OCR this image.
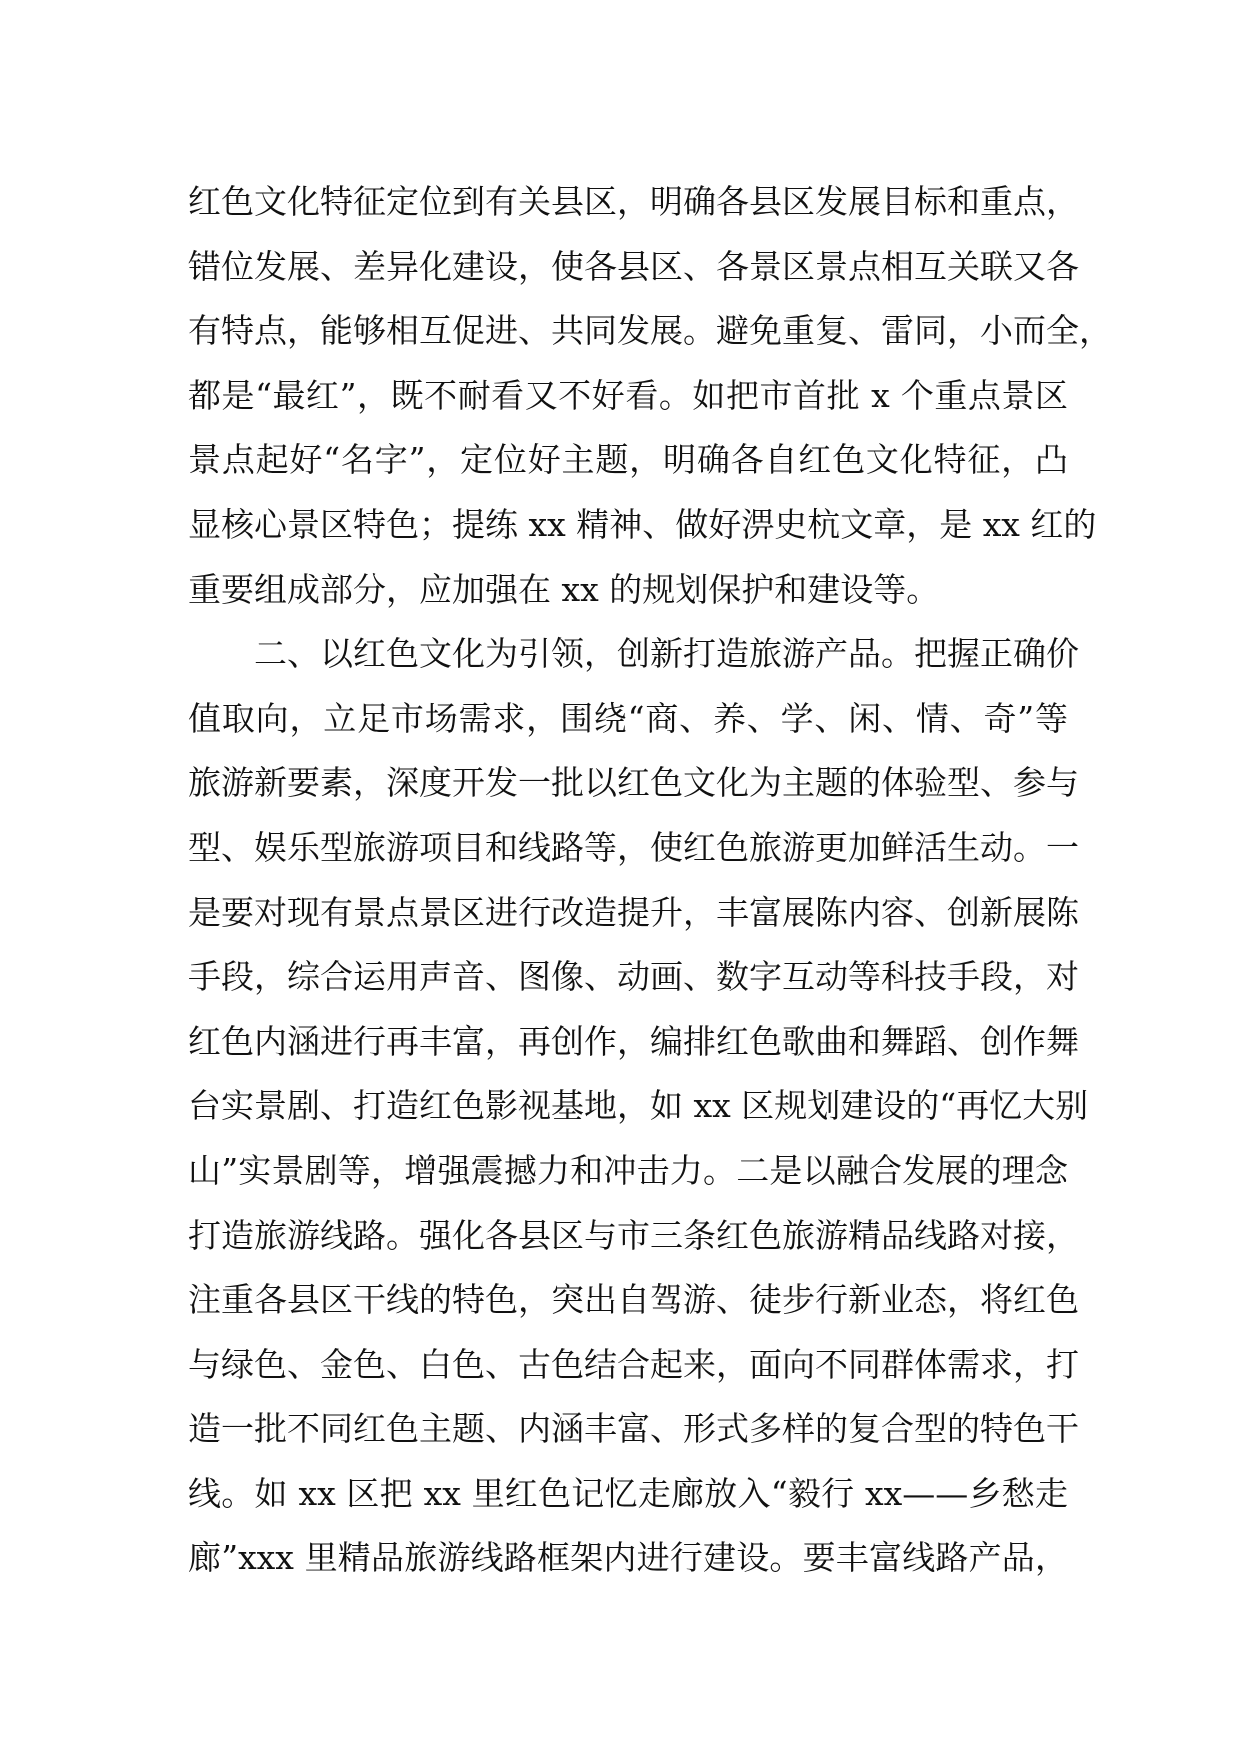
红色文化特征定位到有关县区，明确各县区发展目标和重点，
错位发展、差异化建设，使各县区、各景区景点相互关联又各
有特点，能够相互促进、共同发展。避免重复、雷同，小而全，
都是“最红”，既不耐看又不好看。如把市首批 x 个重点景区
景点起好“名字”，定位好主题，明确各自红色文化特征，凸
显核心景区特色；提练 xx 精神、做好淠史杭文章，是 xx 红的
重要组成部分，应加强在 xx 的规划保护和建设等。
二、以红色文化为引领，创新打造旅游产品。把握正确价
值取向，立足市场需求，围绕“商、养、学、闲、情、奇”等
旅游新要素，深度开发一批以红色文化为主题的体验型、参与
型、娱乐型旅游项目和线路等，使红色旅游更加鲜活生动。一
是要对现有景点景区进行改造提升，丰富展陈内容、创新展陈
手段，综合运用声音、图像、动画、数字互动等科技手段，对
红色内涵进行再丰富，再创作，编排红色歌曲和舞蹈、创作舞
台实景剧、打造红色影视基地，如 xx 区规划建设的“再忆大别
山”实景剧等，增强震撼力和冲击力。二是以融合发展的理念
打造旅游线路。强化各县区与市三条红色旅游精品线路对接，
注重各县区干线的特色，突出自驾游、徒步行新业态，将红色
与绿色、金色、白色、古色结合起来，面向不同群体需求，打
造一批不同红色主题、内涵丰富、形式多样的复合型的特色干
线。如 xx 区把 xx 里红色记忆走廊放入“毅行 xx——乡愁走
廊”xxx 里精品旅游线路框架内进行建设。要丰富线路产品，
